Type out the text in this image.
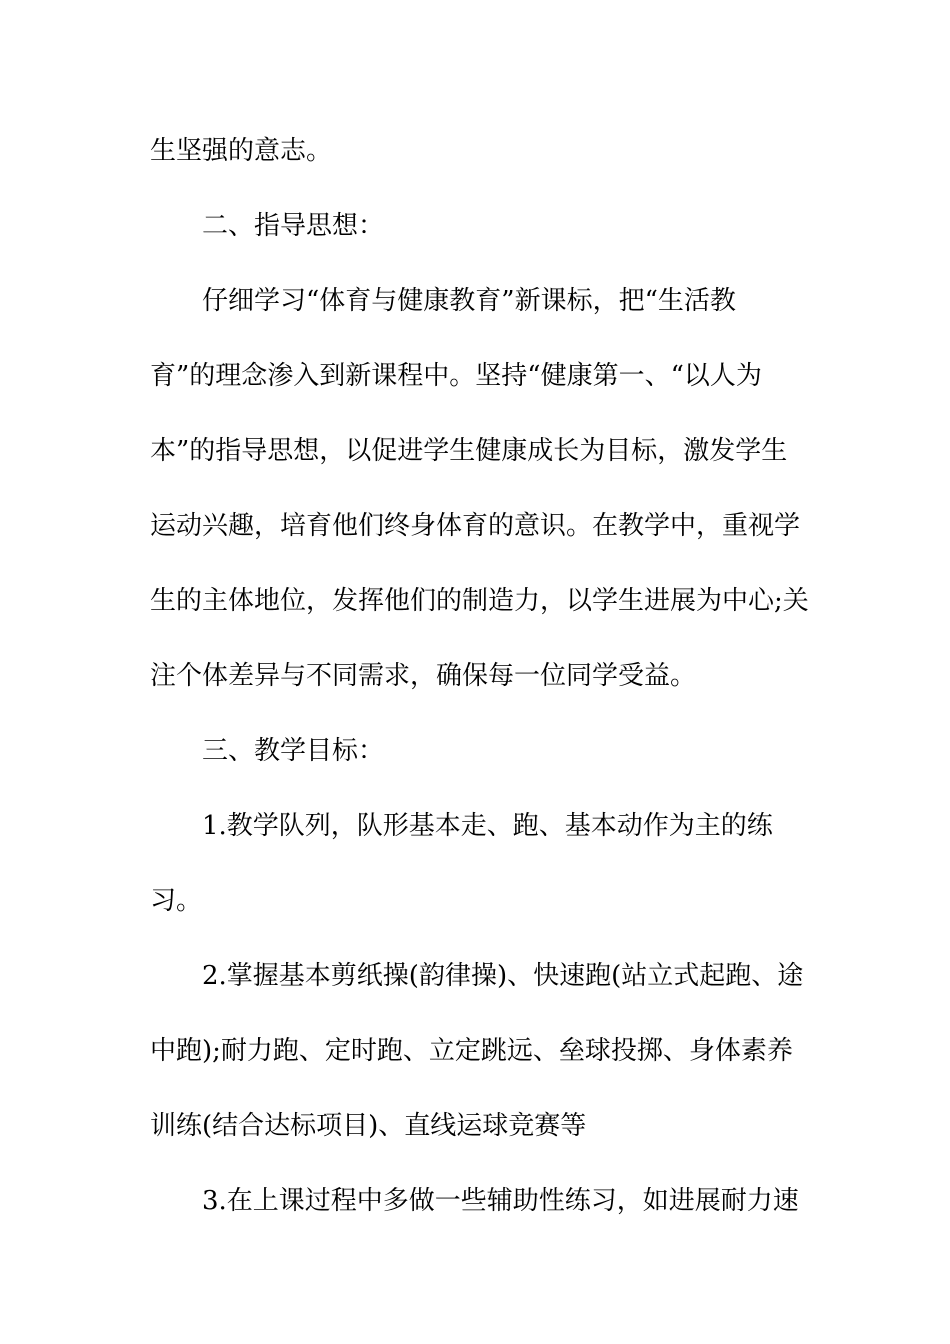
生坚强的意志。
二、指导思想：
仔细学习“体育与健康教育”新课标，把“生活教
育”的理念渗入到新课程中。坚持“健康第一、“以人为
本”的指导思想，以促进学生健康成长为目标，激发学生
运动兴趣，培育他们终身体育的意识。在教学中，重视学
生的主体地位，发挥他们的制造力，以学生进展为中心;关
注个体差异与不同需求，确保每一位同学受益。
三、教学目标：
1.教学队列，队形基本走、跑、基本动作为主的练
习。
2.掌握基本剪纸操(韵律操)、快速跑(站立式起跑、途
中跑);耐力跑、定时跑、立定跳远、垒球投掷、身体素养
训练(结合达标项目)、直线运球竞赛等
3.在上课过程中多做一些辅助性练习，如进展耐力速
